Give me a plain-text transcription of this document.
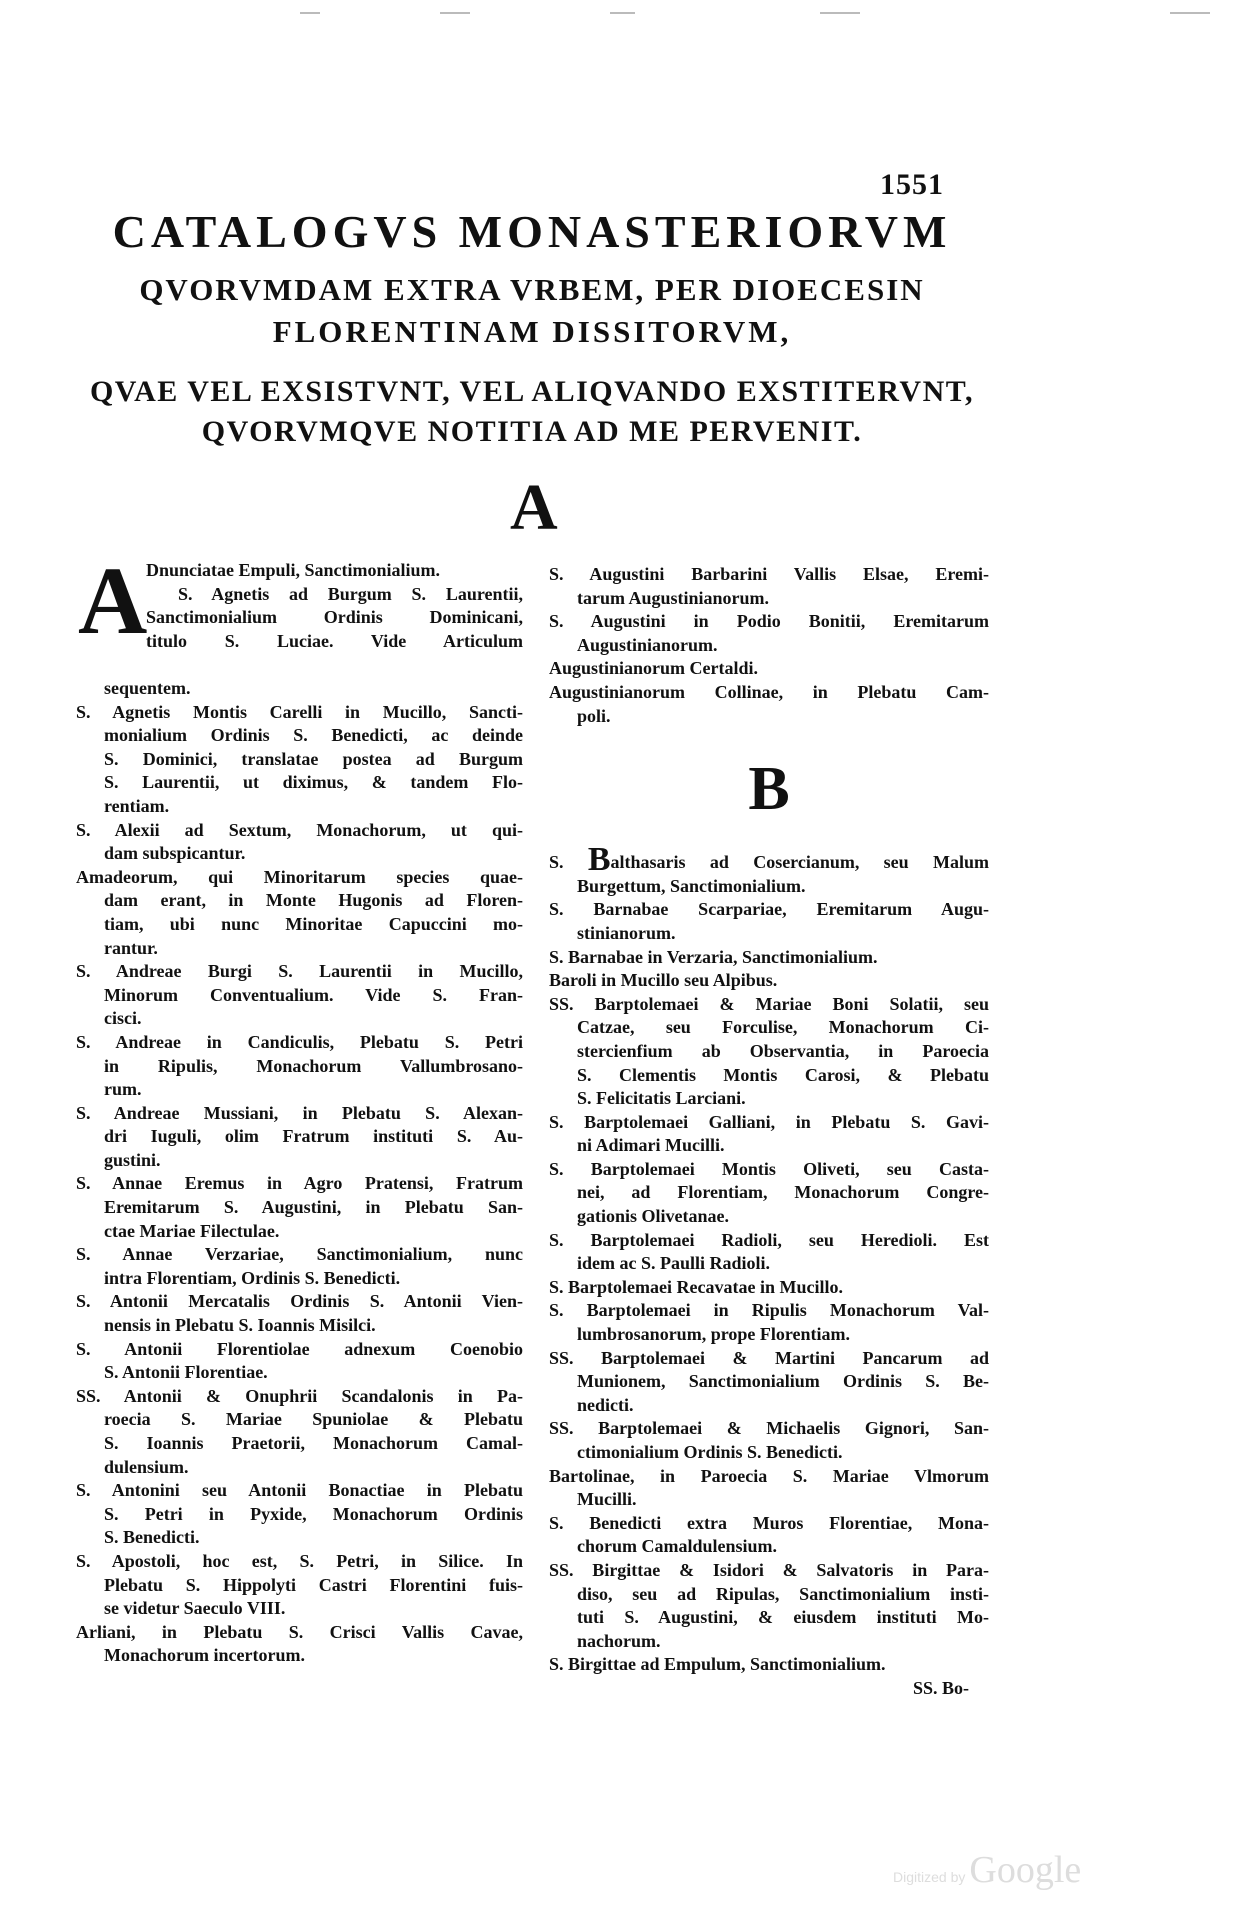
1551
CATALOGVS MONASTERIORVM
QVORVMDAM EXTRA VRBEM, PER DIOECESIN
FLORENTINAM DISSITORVM,
QVAE VEL EXSISTVNT, VEL ALIQVANDO EXSTITERVNT,
QVORVMQVE NOTITIA AD ME PERVENIT.
A
A
Dnunciatae Empuli, Sanctimonialium.
S. Agnetis ad Burgum S. Laurentii,
Sanctimonialium Ordinis Dominicani,
titulo S. Luciae. Vide Articulum
sequentem.
S. Agnetis Montis Carelli in Mucillo, Sancti-
monialium Ordinis S. Benedicti, ac deinde
S. Dominici, translatae postea ad Burgum
S. Laurentii, ut diximus, & tandem Flo-
rentiam.
S. Alexii ad Sextum, Monachorum, ut qui-
dam subspicantur.
Amadeorum, qui Minoritarum species quae-
dam erant, in Monte Hugonis ad Floren-
tiam, ubi nunc Minoritae Capuccini mo-
rantur.
S. Andreae Burgi S. Laurentii in Mucillo,
Minorum Conventualium. Vide S. Fran-
cisci.
S. Andreae in Candiculis, Plebatu S. Petri
in Ripulis, Monachorum Vallumbrosano-
rum.
S. Andreae Mussiani, in Plebatu S. Alexan-
dri Iuguli, olim Fratrum instituti S. Au-
gustini.
S. Annae Eremus in Agro Pratensi, Fratrum
Eremitarum S. Augustini, in Plebatu San-
ctae Mariae Filectulae.
S. Annae Verzariae, Sanctimonialium, nunc
intra Florentiam, Ordinis S. Benedicti.
S. Antonii Mercatalis Ordinis S. Antonii Vien-
nensis in Plebatu S. Ioannis Misilci.
S. Antonii Florentiolae adnexum Coenobio
S. Antonii Florentiae.
SS. Antonii & Onuphrii Scandalonis in Pa-
roecia S. Mariae Spuniolae & Plebatu
S. Ioannis Praetorii, Monachorum Camal-
dulensium.
S. Antonini seu Antonii Bonactiae in Plebatu
S. Petri in Pyxide, Monachorum Ordinis
S. Benedicti.
S. Apostoli, hoc est, S. Petri, in Silice. In
Plebatu S. Hippolyti Castri Florentini fuis-
se videtur Saeculo VIII.
Arliani, in Plebatu S. Crisci Vallis Cavae,
Monachorum incertorum.
S. Augustini Barbarini Vallis Elsae, Eremi-
tarum Augustinianorum.
S. Augustini in Podio Bonitii, Eremitarum
Augustinianorum.
Augustinianorum Certaldi.
Augustinianorum Collinae, in Plebatu Cam-
poli.
B
S. Balthasaris ad Cosercianum, seu Malum
Burgettum, Sanctimonialium.
S. Barnabae Scarpariae, Eremitarum Augu-
stinianorum.
S. Barnabae in Verzaria, Sanctimonialium.
Baroli in Mucillo seu Alpibus.
SS. Barptolemaei & Mariae Boni Solatii, seu
Catzae, seu Forculise, Monachorum Ci-
stercienfium ab Observantia, in Paroecia
S. Clementis Montis Carosi, & Plebatu
S. Felicitatis Larciani.
S. Barptolemaei Galliani, in Plebatu S. Gavi-
ni Adimari Mucilli.
S. Barptolemaei Montis Oliveti, seu Casta-
nei, ad Florentiam, Monachorum Congre-
gationis Olivetanae.
S. Barptolemaei Radioli, seu Heredioli. Est
idem ac S. Paulli Radioli.
S. Barptolemaei Recavatae in Mucillo.
S. Barptolemaei in Ripulis Monachorum Val-
lumbrosanorum, prope Florentiam.
SS. Barptolemaei & Martini Pancarum ad
Munionem, Sanctimonialium Ordinis S. Be-
nedicti.
SS. Barptolemaei & Michaelis Gignori, San-
ctimonialium Ordinis S. Benedicti.
Bartolinae, in Paroecia S. Mariae Vlmorum
Mucilli.
S. Benedicti extra Muros Florentiae, Mona-
chorum Camaldulensium.
SS. Birgittae & Isidori & Salvatoris in Para-
diso, seu ad Ripulas, Sanctimonialium insti-
tuti S. Augustini, & eiusdem instituti Mo-
nachorum.
S. Birgittae ad Empulum, Sanctimonialium.
SS. Bo-
Digitized by Google
